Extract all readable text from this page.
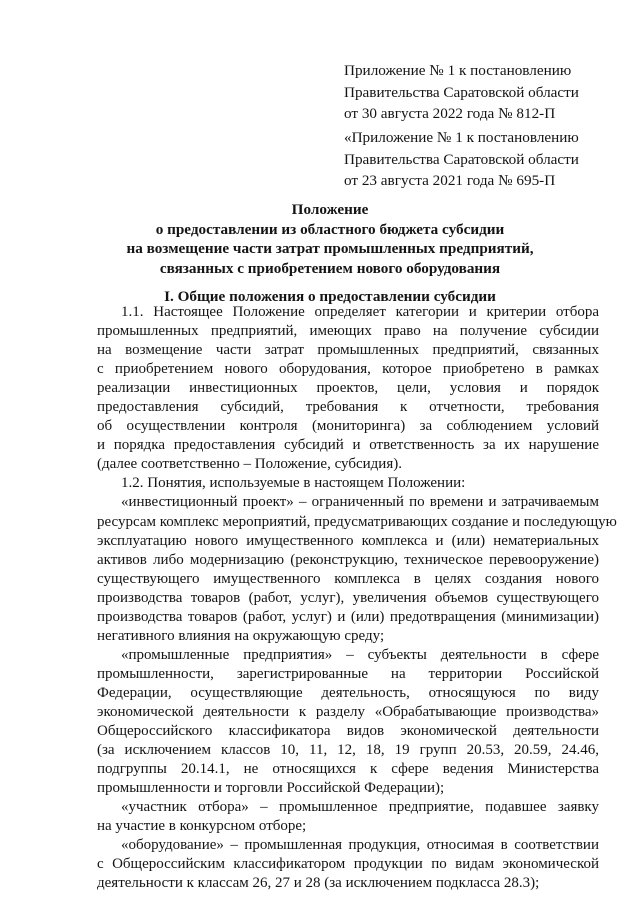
Приложение № 1 к постановлению
Правительства Саратовской области
от 30 августа 2022 года № 812-П
«Приложение № 1 к постановлению
Правительства Саратовской области
от 23 августа 2021 года № 695-П
Положение
о предоставлении из областного бюджета субсидии
на возмещение части затрат промышленных предприятий,
связанных с приобретением нового оборудования
I. Общие положения о предоставлении субсидии
1.1. Настоящее Положение определяет категории и критерии отбора
промышленных предприятий, имеющих право на получение субсидии
на возмещение части затрат промышленных предприятий, связанных
с приобретением нового оборудования, которое приобретено в рамках
реализации инвестиционных проектов, цели, условия и порядок
предоставления субсидий, требования к отчетности, требования
об осуществлении контроля (мониторинга) за соблюдением условий
и порядка предоставления субсидий и ответственность за их нарушение
(далее соответственно – Положение, субсидия).
1.2. Понятия, используемые в настоящем Положении:
«инвестиционный проект» – ограниченный по времени и затрачиваемым
ресурсам комплекс мероприятий, предусматривающих создание и последующую
эксплуатацию нового имущественного комплекса и (или) нематериальных
активов либо модернизацию (реконструкцию, техническое перевооружение)
существующего имущественного комплекса в целях создания нового
производства товаров (работ, услуг), увеличения объемов существующего
производства товаров (работ, услуг) и (или) предотвращения (минимизации)
негативного влияния на окружающую среду;
«промышленные предприятия» – субъекты деятельности в сфере
промышленности, зарегистрированные на территории Российской
Федерации, осуществляющие деятельность, относящуюся по виду
экономической деятельности к разделу «Обрабатывающие производства»
Общероссийского классификатора видов экономической деятельности
(за исключением классов 10, 11, 12, 18, 19 групп 20.53, 20.59, 24.46,
подгруппы 20.14.1, не относящихся к сфере ведения Министерства
промышленности и торговли Российской Федерации);
«участник отбора» – промышленное предприятие, подавшее заявку
на участие в конкурсном отборе;
«оборудование» – промышленная продукция, относимая в соответствии
с Общероссийским классификатором продукции по видам экономической
деятельности к классам 26, 27 и 28 (за исключением подкласса 28.3);
